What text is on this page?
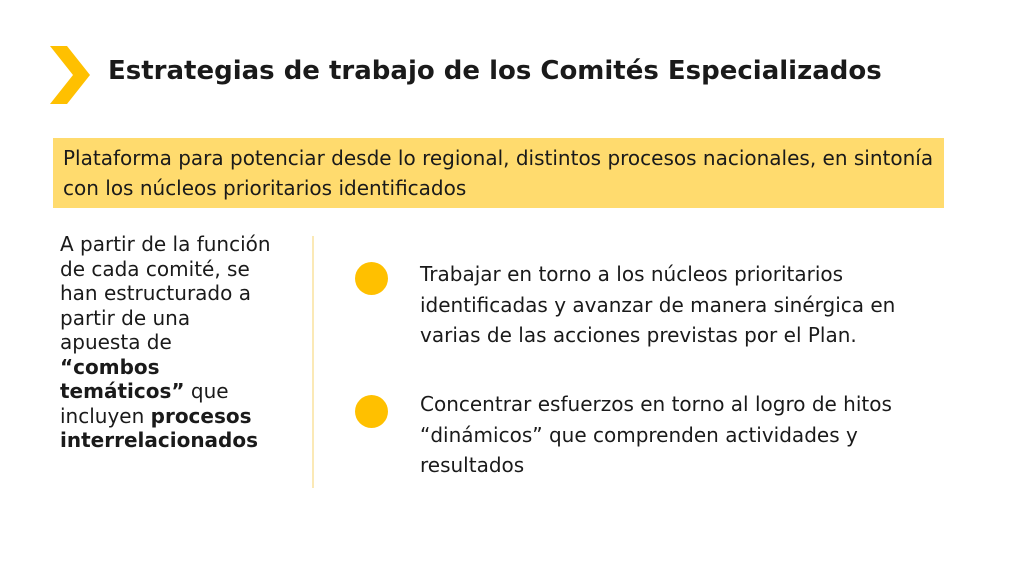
Estrategias de trabajo de los Comités Especializados
Plataforma para potenciar desde lo regional, distintos procesos nacionales, en sintonía con los núcleos prioritarios identificados
A partir de la función de cada comité, se han estructurado a partir de una apuesta de “combos temáticos” que incluyen procesos interrelacionados
Trabajar en torno a los núcleos prioritarios identificadas y avanzar de manera sinérgica en varias de las acciones previstas por el Plan.
Concentrar esfuerzos en torno al logro de hitos “dinámicos” que comprenden actividades y resultados
